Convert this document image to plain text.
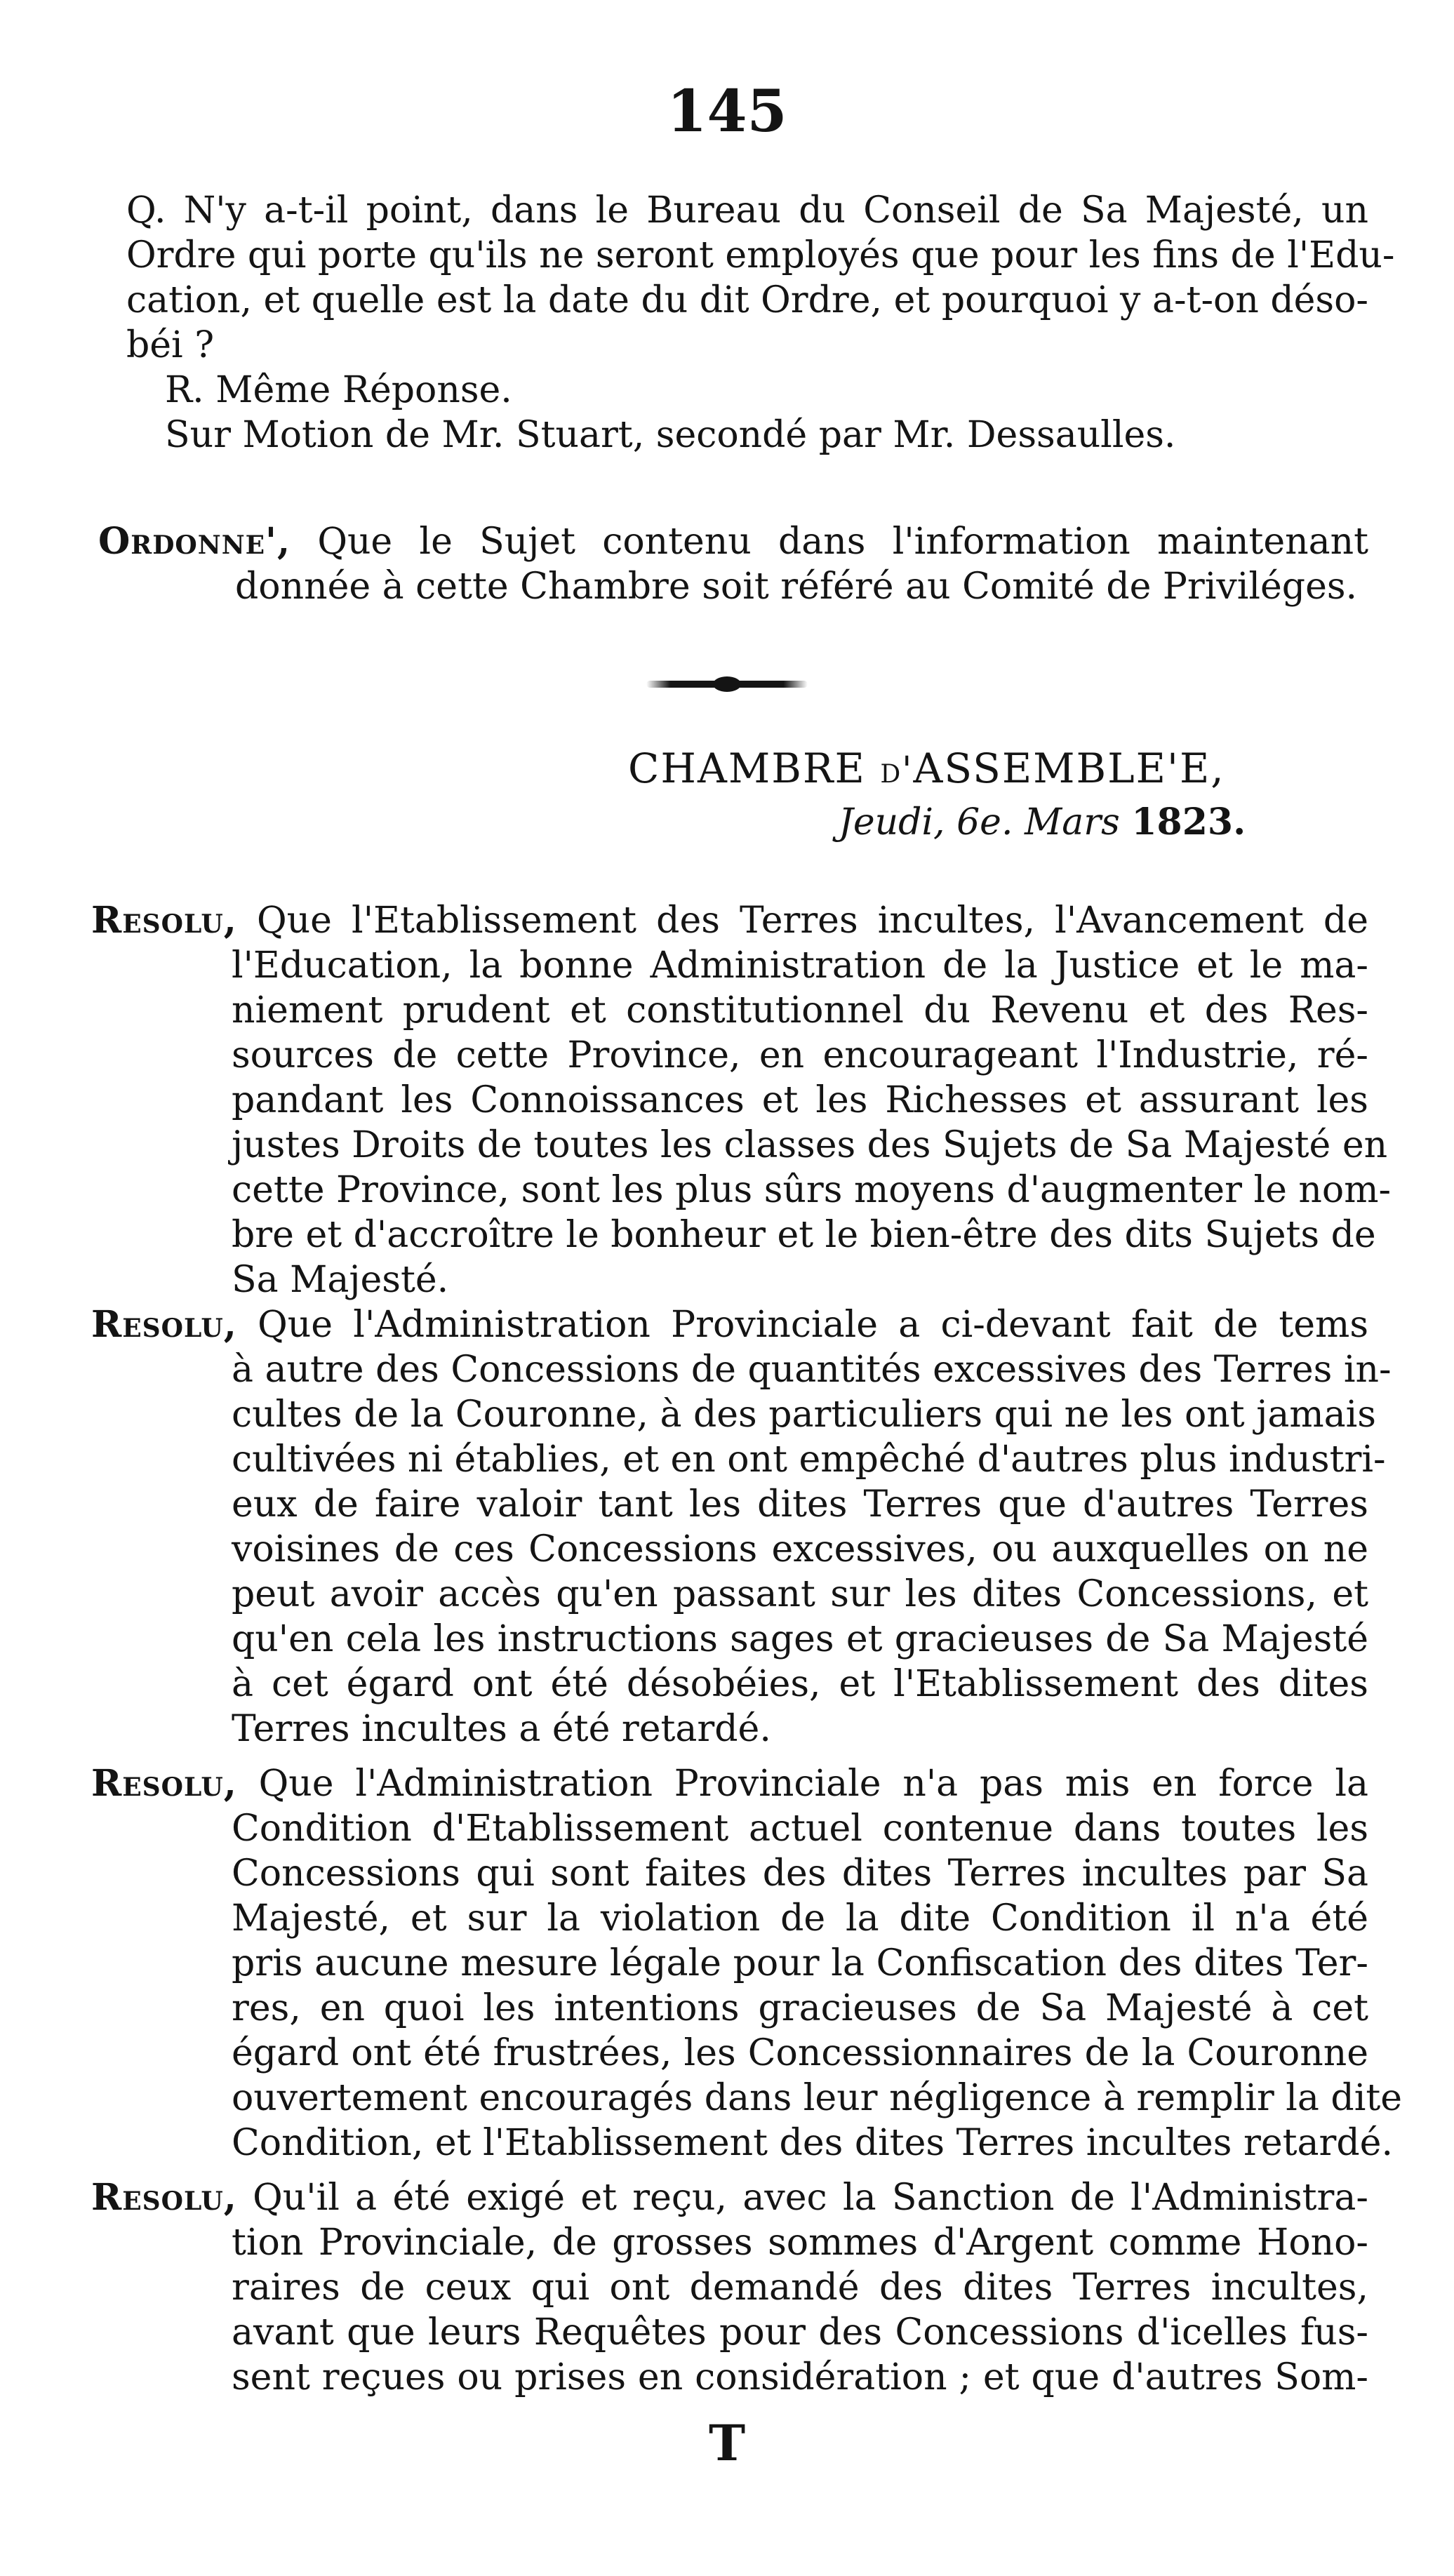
145
Q. N'y a-t-il point, dans le Bureau du Conseil de Sa Majesté, un
Ordre qui porte qu'ils ne seront employés que pour les fins de l'Edu-
cation, et quelle est la date du dit Ordre, et pourquoi y a-t-on déso-
béi ?
R. Même Réponse.
Sur Motion de Mr. Stuart, secondé par Mr. Dessaulles.
Ordonne', Que le Sujet contenu dans l'information maintenant
donnée à cette Chambre soit référé au Comité de Priviléges.
CHAMBRE d'ASSEMBLE'E,
Jeudi, 6e. Mars 1823.
Resolu, Que l'Etablissement des Terres incultes, l'Avancement de
l'Education, la bonne Administration de la Justice et le ma-
niement prudent et constitutionnel du Revenu et des Res-
sources de cette Province, en encourageant l'Industrie, ré-
pandant les Connoissances et les Richesses et assurant les
justes Droits de toutes les classes des Sujets de Sa Majesté en
cette Province, sont les plus sûrs moyens d'augmenter le nom-
bre et d'accroître le bonheur et le bien-être des dits Sujets de
Sa Majesté.
Resolu, Que l'Administration Provinciale a ci-devant fait de tems
à autre des Concessions de quantités excessives des Terres in-
cultes de la Couronne, à des particuliers qui ne les ont jamais
cultivées ni établies, et en ont empêché d'autres plus industri-
eux de faire valoir tant les dites Terres que d'autres Terres
voisines de ces Concessions excessives, ou auxquelles on ne
peut avoir accès qu'en passant sur les dites Concessions, et
qu'en cela les instructions sages et gracieuses de Sa Majesté
à cet égard ont été désobéies, et l'Etablissement des dites
Terres incultes a été retardé.
Resolu, Que l'Administration Provinciale n'a pas mis en force la
Condition d'Etablissement actuel contenue dans toutes les
Concessions qui sont faites des dites Terres incultes par Sa
Majesté, et sur la violation de la dite Condition il n'a été
pris aucune mesure légale pour la Confiscation des dites Ter-
res, en quoi les intentions gracieuses de Sa Majesté à cet
égard ont été frustrées, les Concessionnaires de la Couronne
ouvertement encouragés dans leur négligence à remplir la dite
Condition, et l'Etablissement des dites Terres incultes retardé.
Resolu, Qu'il a été exigé et reçu, avec la Sanction de l'Administra-
tion Provinciale, de grosses sommes d'Argent comme Hono-
raires de ceux qui ont demandé des dites Terres incultes,
avant que leurs Requêtes pour des Concessions d'icelles fus-
sent reçues ou prises en considération ; et que d'autres Som-
T
